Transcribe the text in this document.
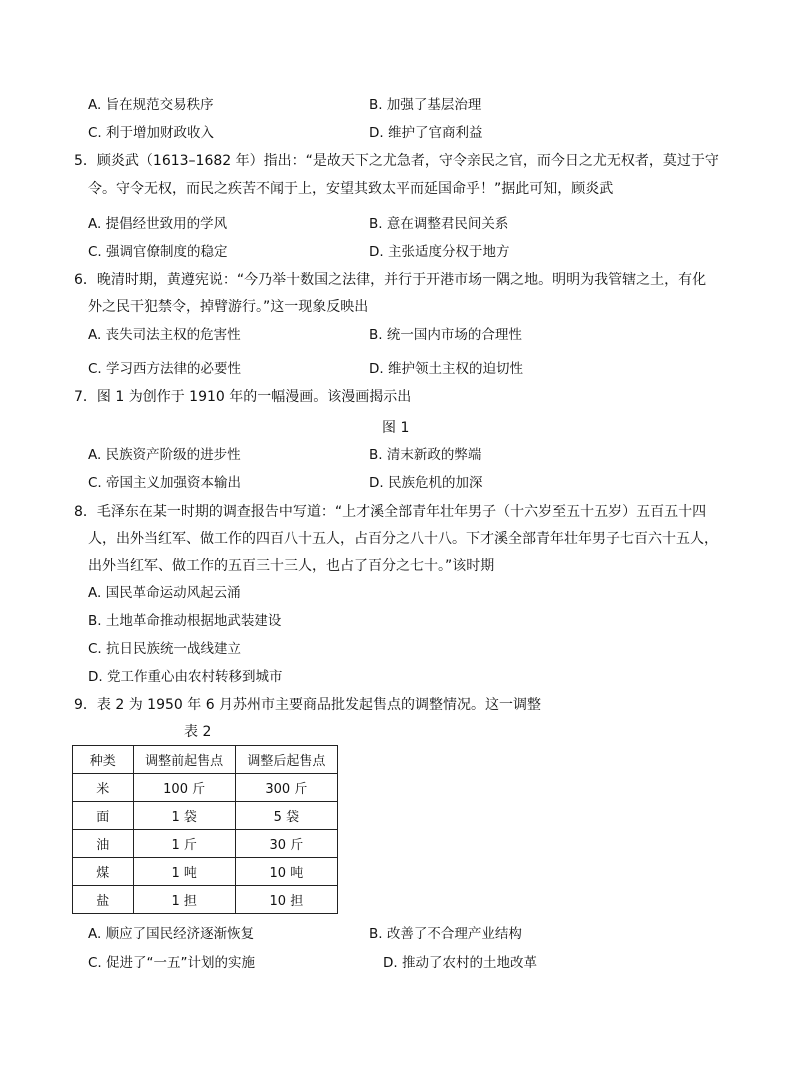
A. 旨在规范交易秩序	B. 加强了基层治理
C. 利于增加财政收入	D. 维护了官商利益
5．顾炎武（1613–1682 年）指出：“是故天下之尤急者，守令亲民之官，而今日之尤无权者，莫过于守
令。守令无权，而民之疾苦不闻于上，安望其致太平而延国命乎！”据此可知，顾炎武
A. 提倡经世致用的学风	B. 意在调整君民间关系
C. 强调官僚制度的稳定	D. 主张适度分权于地方
6．晚清时期，黄遵宪说：“今乃举十数国之法律，并行于开港市场一隅之地。明明为我管辖之土，有化
外之民干犯禁令，掉臂游行。”这一现象反映出
A. 丧失司法主权的危害性	B. 统一国内市场的合理性
C. 学习西方法律的必要性	D. 维护领土主权的迫切性
7．图 1 为创作于 1910 年的一幅漫画。该漫画揭示出
图 1
A. 民族资产阶级的进步性	B. 清末新政的弊端
C. 帝国主义加强资本输出	D. 民族危机的加深
8．毛泽东在某一时期的调查报告中写道：“上才溪全部青年壮年男子（十六岁至五十五岁）五百五十四
人，出外当红军、做工作的四百八十五人，占百分之八十八。下才溪全部青年壮年男子七百六十五人，
出外当红军、做工作的五百三十三人，也占了百分之七十。”该时期
A. 国民革命运动风起云涌
B. 土地革命推动根据地武装建设
C. 抗日民族统一战线建立
D. 党工作重心由农村转移到城市
9．表 2 为 1950 年 6 月苏州市主要商品批发起售点的调整情况。这一调整
表 2
种类	调整前起售点	调整后起售点
米	100 斤	300 斤
面	1 袋	5 袋
油	1 斤	30 斤
煤	1 吨	10 吨
盐	1 担	10 担
A. 顺应了国民经济逐渐恢复	B. 改善了不合理产业结构
C. 促进了“一五”计划的实施	D. 推动了农村的土地改革
